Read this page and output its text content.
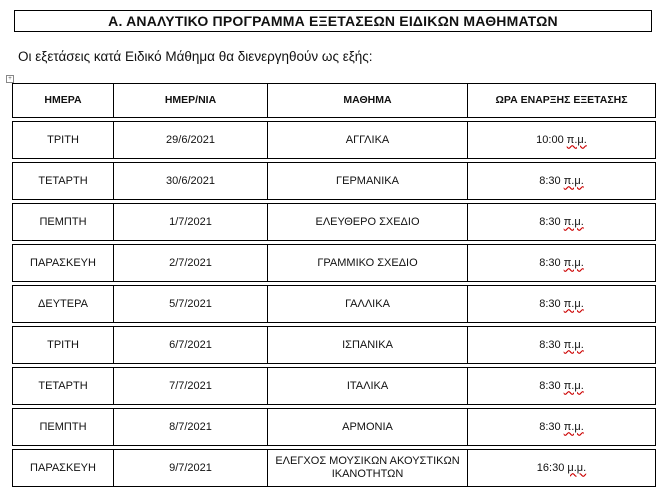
Α. ΑΝΑΛΥΤΙΚΟ ΠΡΟΓΡΑΜΜΑ ΕΞΕΤΑΣΕΩΝ ΕΙΔΙΚΩΝ ΜΑΘΗΜΑΤΩΝ
Οι εξετάσεις κατά Ειδικό Μάθημα θα διενεργηθούν ως εξής:
+
ΗΜΕΡΑ	ΗΜΕΡ/ΝΙΑ	ΜΑΘΗΜΑ	ΩΡΑ ΕΝΑΡΞΗΣ ΕΞΕΤΑΣΗΣ

ΤΡΙΤΗ	29/6/2021	ΑΓΓΛΙΚΑ	10:00 π.μ.

ΤΕΤΑΡΤΗ	30/6/2021	ΓΕΡΜΑΝΙΚΑ	8:30 π.μ.

ΠΕΜΠΤΗ	1/7/2021	ΕΛΕΥΘΕΡΟ ΣΧΕΔΙΟ	8:30 π.μ.

ΠΑΡΑΣΚΕΥΗ	2/7/2021	ΓΡΑΜΜΙΚΟ ΣΧΕΔΙΟ	8:30 π.μ.

ΔΕΥΤΕΡΑ	5/7/2021	ΓΑΛΛΙΚΑ	8:30 π.μ.

ΤΡΙΤΗ	6/7/2021	ΙΣΠΑΝΙΚΑ	8:30 π.μ.

ΤΕΤΑΡΤΗ	7/7/2021	ΙΤΑΛΙΚΑ	8:30 π.μ.

ΠΕΜΠΤΗ	8/7/2021	ΑΡΜΟΝΙΑ	8:30 π.μ.

ΠΑΡΑΣΚΕΥΗ	9/7/2021	ΕΛΕΓΧΟΣ ΜΟΥΣΙΚΩΝ ΑΚΟΥΣΤΙΚΩΝ ΙΚΑΝΟΤΗΤΩΝ	16:30 μ.μ.
